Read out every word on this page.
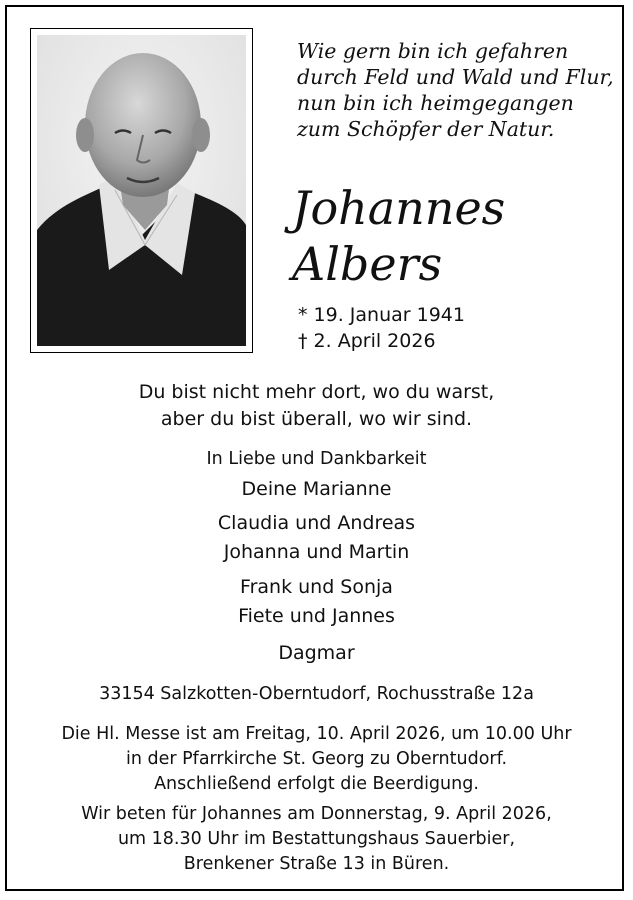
Wie gern bin ich gefahren
durch Feld und Wald und Flur,
nun bin ich heimgegangen
zum Schöpfer der Natur.
Johannes
Albers
* 19. Januar 1941
† 2. April 2026
Du bist nicht mehr dort, wo du warst,
aber du bist überall, wo wir sind.
In Liebe und Dankbarkeit
Deine Marianne
Claudia und Andreas
Johanna und Martin
Frank und Sonja
Fiete und Jannes
Dagmar
33154 Salzkotten-Oberntudorf, Rochusstraße 12a
Die Hl. Messe ist am Freitag, 10. April 2026, um 10.00 Uhr
in der Pfarrkirche St. Georg zu Oberntudorf.
Anschließend erfolgt die Beerdigung.
Wir beten für Johannes am Donnerstag, 9. April 2026,
um 18.30 Uhr im Bestattungshaus Sauerbier,
Brenkener Straße 13 in Büren.
